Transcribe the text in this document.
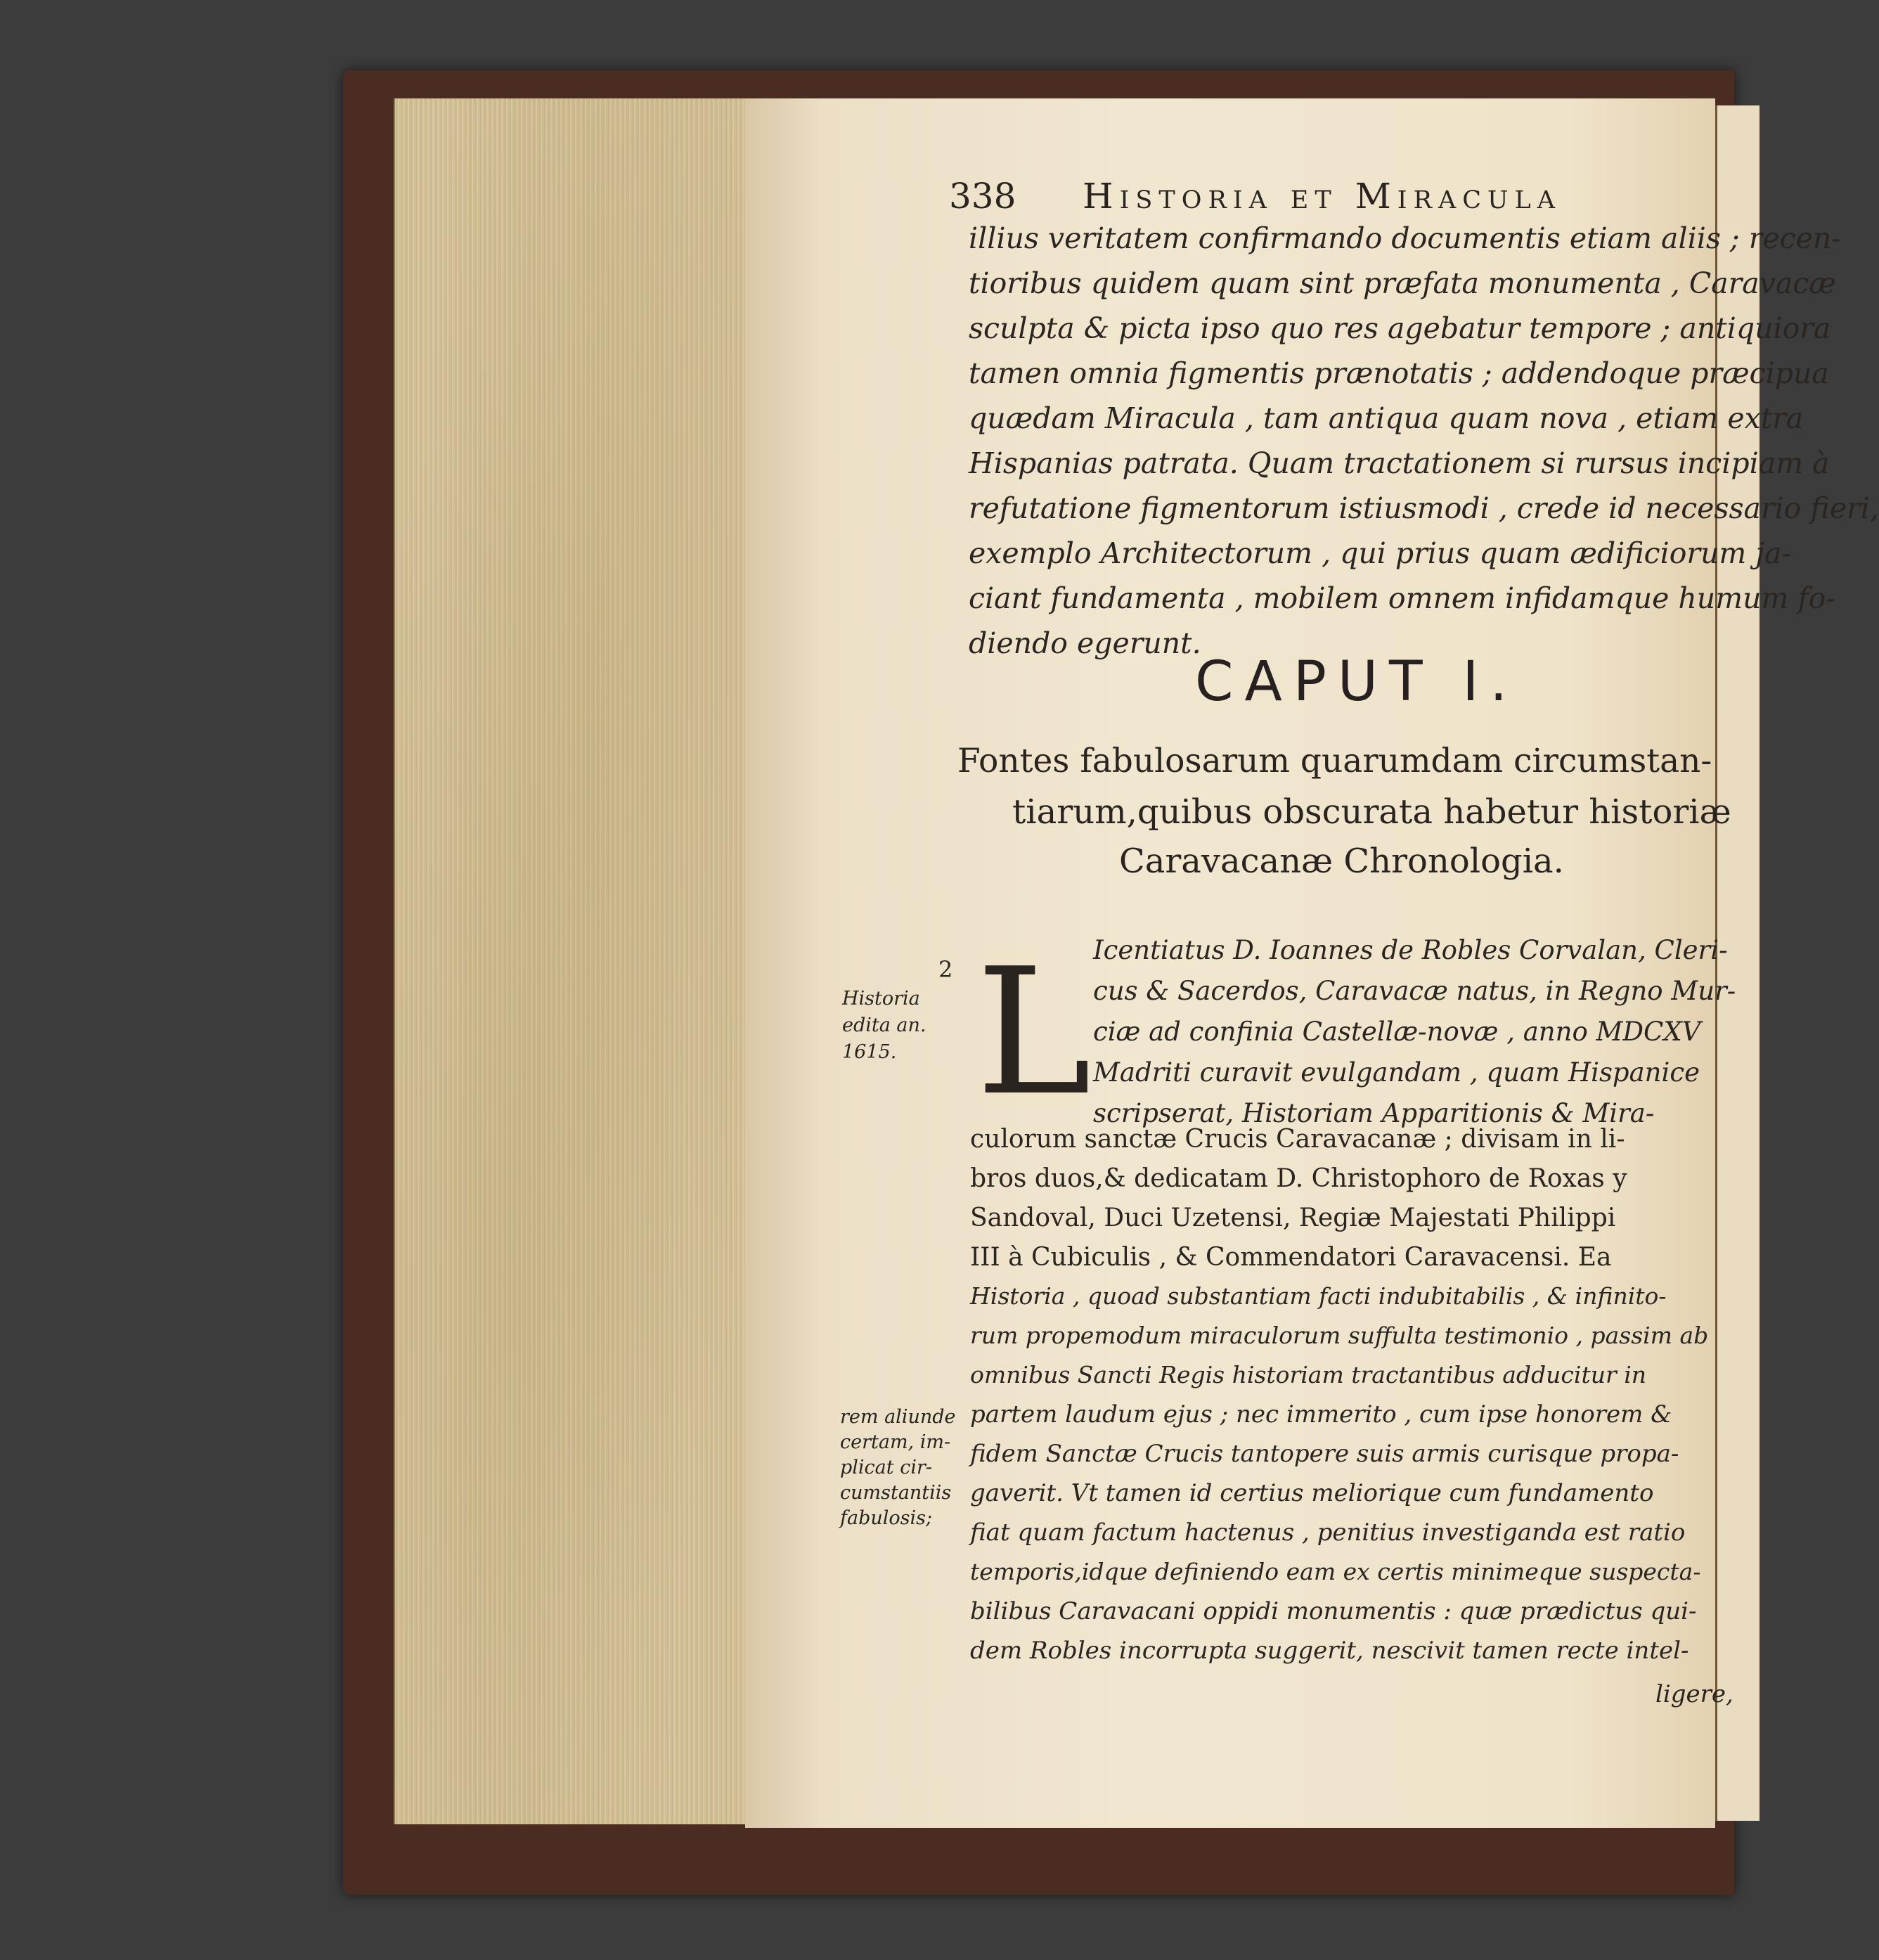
338 Historia et Miracula
illius veritatem confirmando documentis etiam aliis ; recen-
tioribus quidem quam sint præfata monumenta , Caravacæ
sculpta & picta ipso quo res agebatur tempore ; antiquiora
tamen omnia figmentis prænotatis ; addendoque præcipua
quædam Miracula , tam antiqua quam nova , etiam extra
Hispanias patrata. Quam tractationem si rursus incipiam à
refutatione figmentorum istiusmodi , crede id necessario fieri,
exemplo Architectorum , qui prius quam ædificiorum ja-
ciant fundamenta , mobilem omnem infidamque humum fo-
diendo egerunt.
CAPUT I.
Fontes fabulosarum quarumdam circumstan-
tiarum,quibus obscurata habetur historiæ
Caravacanæ Chronologia.
2 L
Historia
edita an.
1615.
Icentiatus D. Ioannes de Robles Corvalan, Cleri-
cus & Sacerdos, Caravacæ natus, in Regno Mur-
ciæ ad confinia Castellæ-novæ , anno MDCXV
Madriti curavit evulgandam , quam Hispanice
scripserat, Historiam Apparitionis & Mira-
culorum sanctæ Crucis Caravacanæ ; divisam in li-
bros duos,& dedicatam D. Christophoro de Roxas y
Sandoval, Duci Uzetensi, Regiæ Majestati Philippi
III à Cubiculis , & Commendatori Caravacensi. Ea
Historia , quoad substantiam facti indubitabilis , & infinito-
rum propemodum miraculorum suffulta testimonio , passim ab
omnibus Sancti Regis historiam tractantibus adducitur in
partem laudum ejus ; nec immerito , cum ipse honorem &
fidem Sanctæ Crucis tantopere suis armis curisque propa-
gaverit. Vt tamen id certius meliorique cum fundamento
fiat quam factum hactenus , penitius investiganda est ratio
temporis,idque definiendo eam ex certis minimeque suspecta-
bilibus Caravacani oppidi monumentis : quæ prædictus qui-
dem Robles incorrupta suggerit, nescivit tamen recte intel-
rem aliunde
certam, im-
plicat cir-
cumstantiis
fabulosis;
ligere,
